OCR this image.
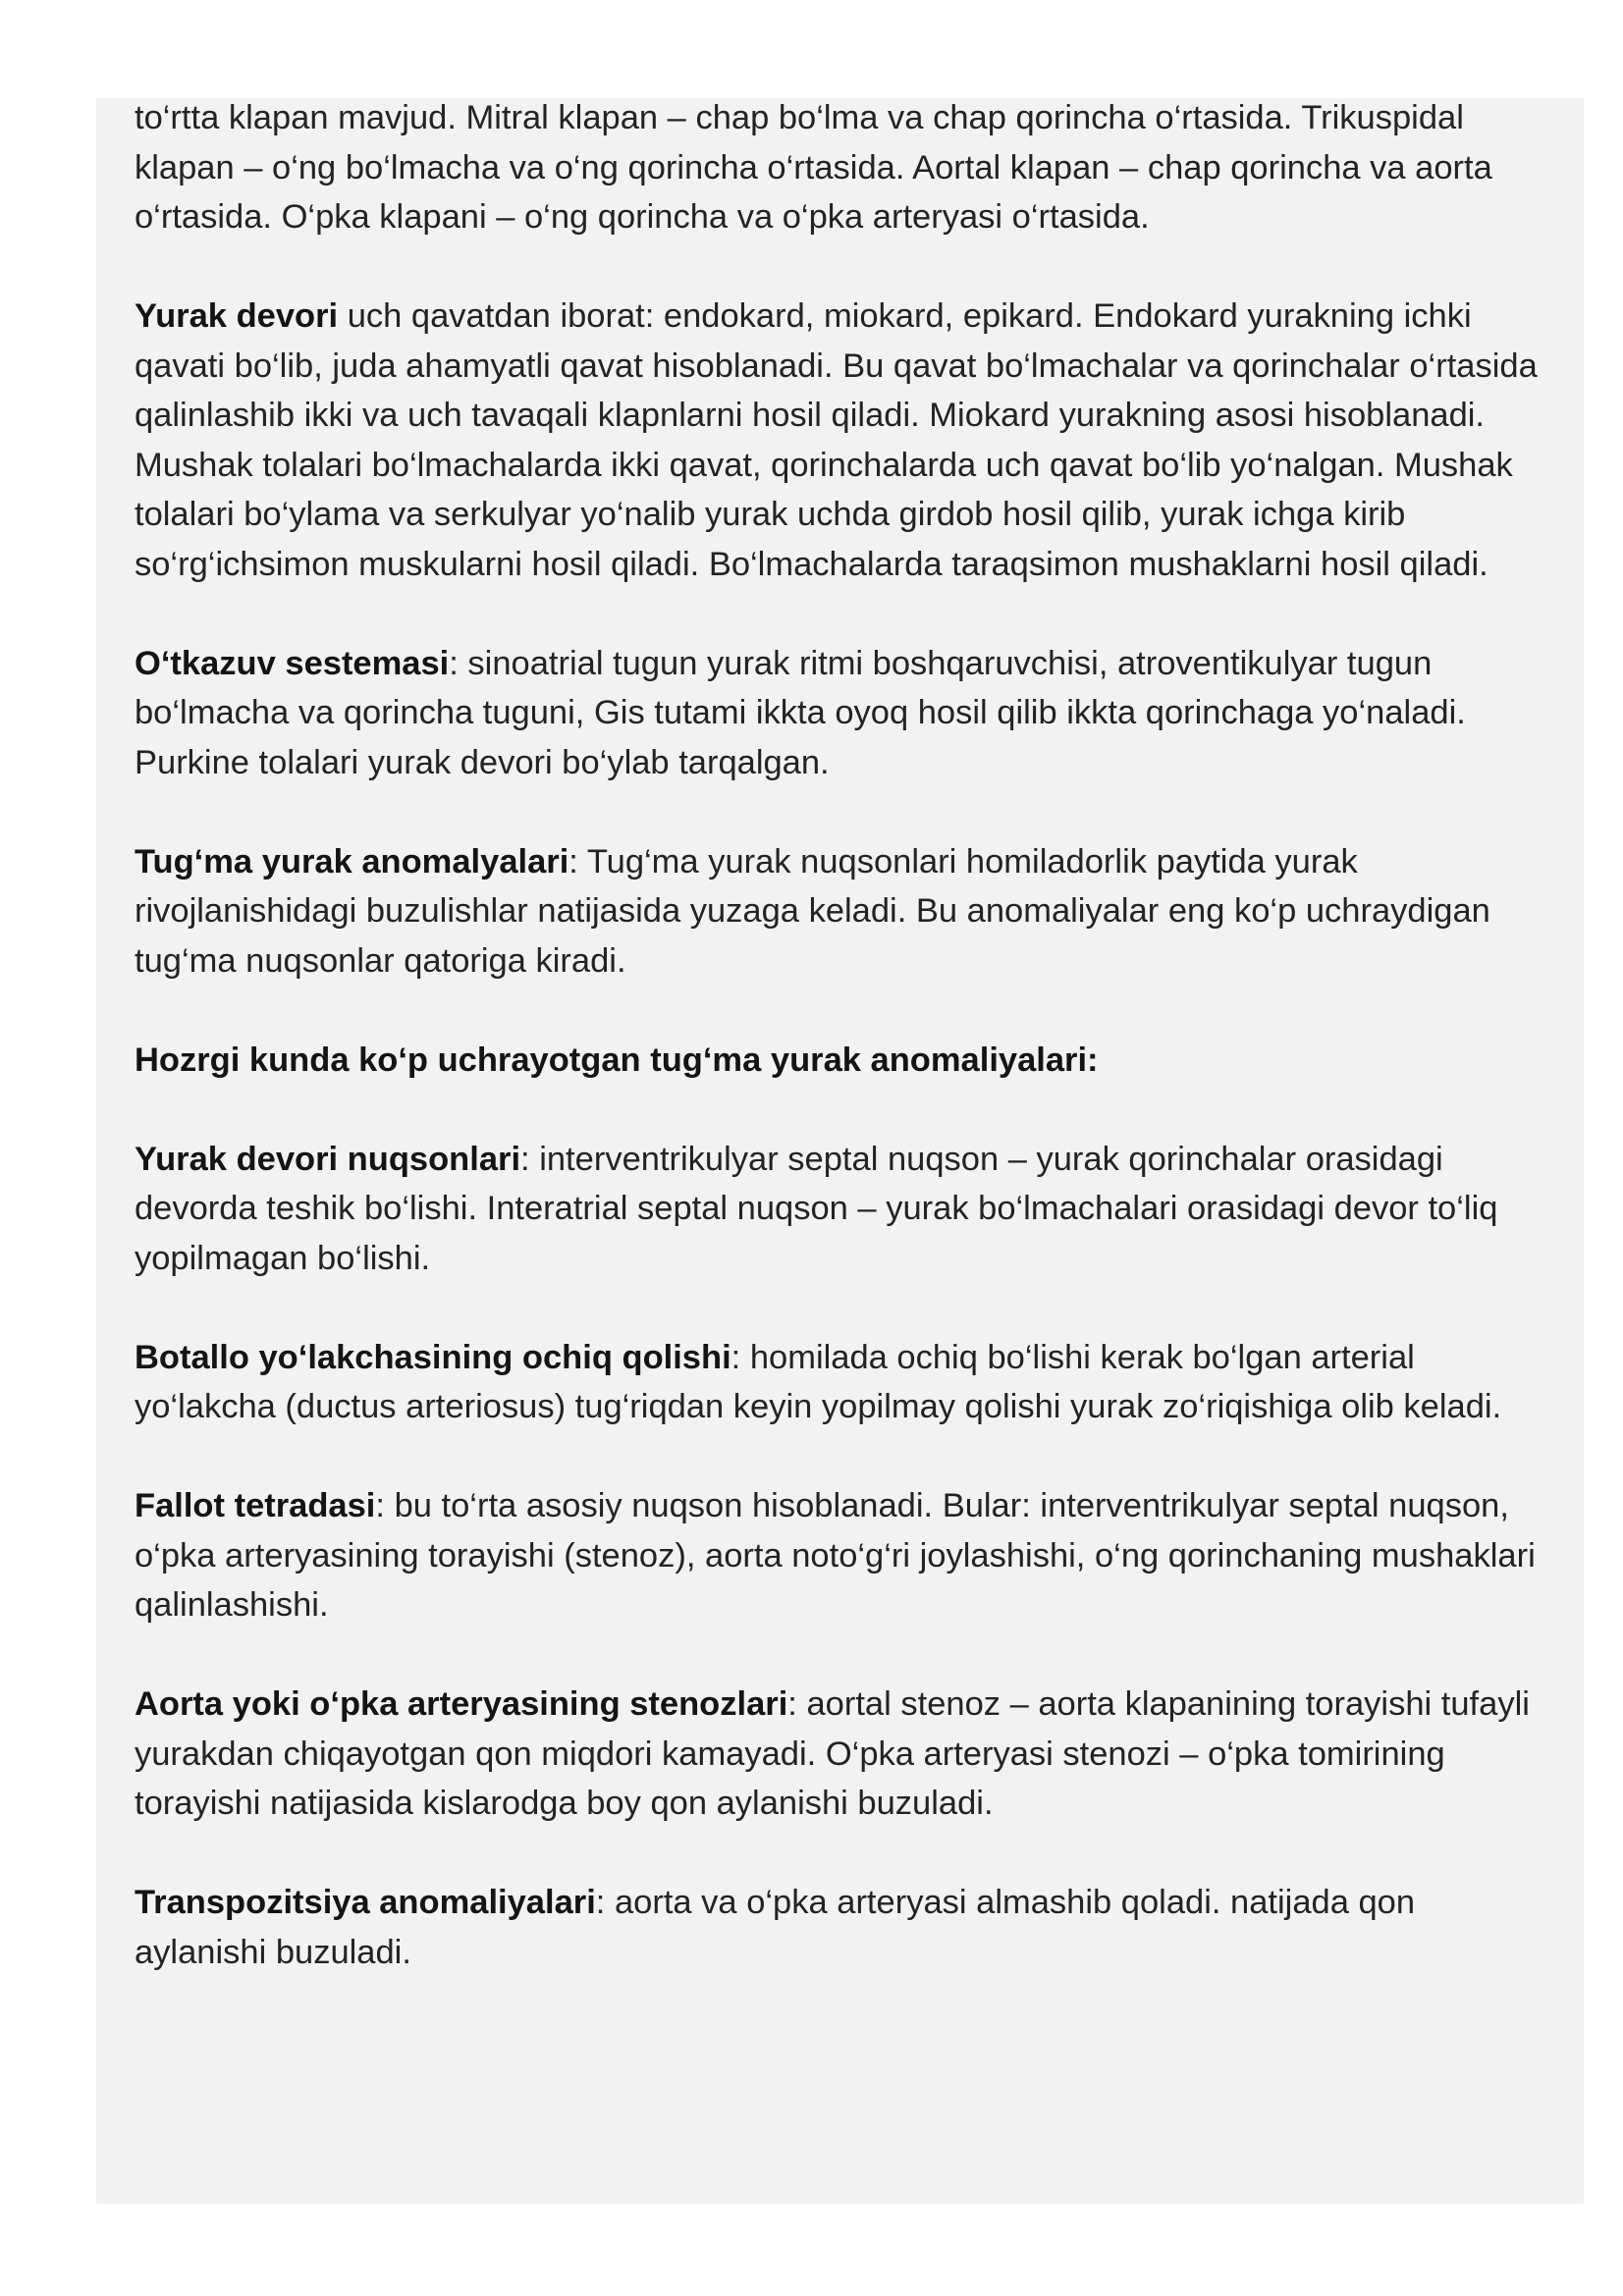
to‘rtta klapan mavjud. Mitral klapan – chap bo‘lma va chap qorincha o‘rtasida. Trikuspidal klapan – o‘ng bo‘lmacha va o‘ng qorincha o‘rtasida. Aortal klapan – chap qorincha va aorta o‘rtasida. O‘pka klapani – o‘ng qorincha va o‘pka arteryasi o‘rtasida.

Yurak devori uch qavatdan iborat: endokard, miokard, epikard. Endokard yurakning ichki qavati bo‘lib, juda ahamyatli qavat hisoblanadi. Bu qavat bo‘lmachalar va qorinchalar o‘rtasida qalinlashib ikki va uch tavaqali klapnlarni hosil qiladi. Miokard yurakning asosi hisoblanadi. Mushak tolalari bo‘lmachalarda ikki qavat, qorinchalarda uch qavat bo‘lib yo‘nalgan. Mushak tolalari bo‘ylama va serkulyar yo‘nalib yurak uchda girdob hosil qilib, yurak ichga kirib so‘rg‘ichsimon muskularni hosil qiladi. Bo‘lmachalarda taraqsimon mushaklarni hosil qiladi.

O‘tkazuv sestemasi: sinoatrial tugun yurak ritmi boshqaruvchisi, atroventikulyar tugun bo‘lmacha va qorincha tuguni, Gis tutami ikkta oyoq hosil qilib ikkta qorinchaga yo‘naladi. Purkine tolalari yurak devori bo‘ylab tarqalgan.

Tug‘ma yurak anomalyalari: Tug‘ma yurak nuqsonlari homiladorlik paytida yurak rivojlanishidagi buzulishlar natijasida yuzaga keladi. Bu anomaliyalar eng ko‘p uchraydigan tug‘ma nuqsonlar qatoriga kiradi.

Hozrgi kunda ko‘p uchrayotgan tug‘ma yurak anomaliyalari:

Yurak devori nuqsonlari: interventrikulyar septal nuqson – yurak qorinchalar orasidagi devorda teshik bo‘lishi. Interatrial septal nuqson – yurak bo‘lmachalari orasidagi devor to‘liq yopilmagan bo‘lishi.

Botallo yo‘lakchasining ochiq qolishi: homilada ochiq bo‘lishi kerak bo‘lgan arterial yo‘lakcha (ductus arteriosus) tug‘riqdan keyin yopilmay qolishi yurak zo‘riqishiga olib keladi.

Fallot tetradasi: bu to‘rta asosiy nuqson hisoblanadi. Bular: interventrikulyar septal nuqson, o‘pka arteryasining torayishi (stenoz), aorta noto‘g‘ri joylashishi, o‘ng qorinchaning mushaklari qalinlashishi.

Aorta yoki o‘pka arteryasining stenozlari: aortal stenoz – aorta klapanining torayishi tufayli yurakdan chiqayotgan qon miqdori kamayadi. O‘pka arteryasi stenozi – o‘pka tomirining torayishi natijasida kislarodga boy qon aylanishi buzuladi.

Transpozitsiya anomaliyalari: aorta va o‘pka arteryasi almashib qoladi. natijada qon aylanishi buzuladi.
